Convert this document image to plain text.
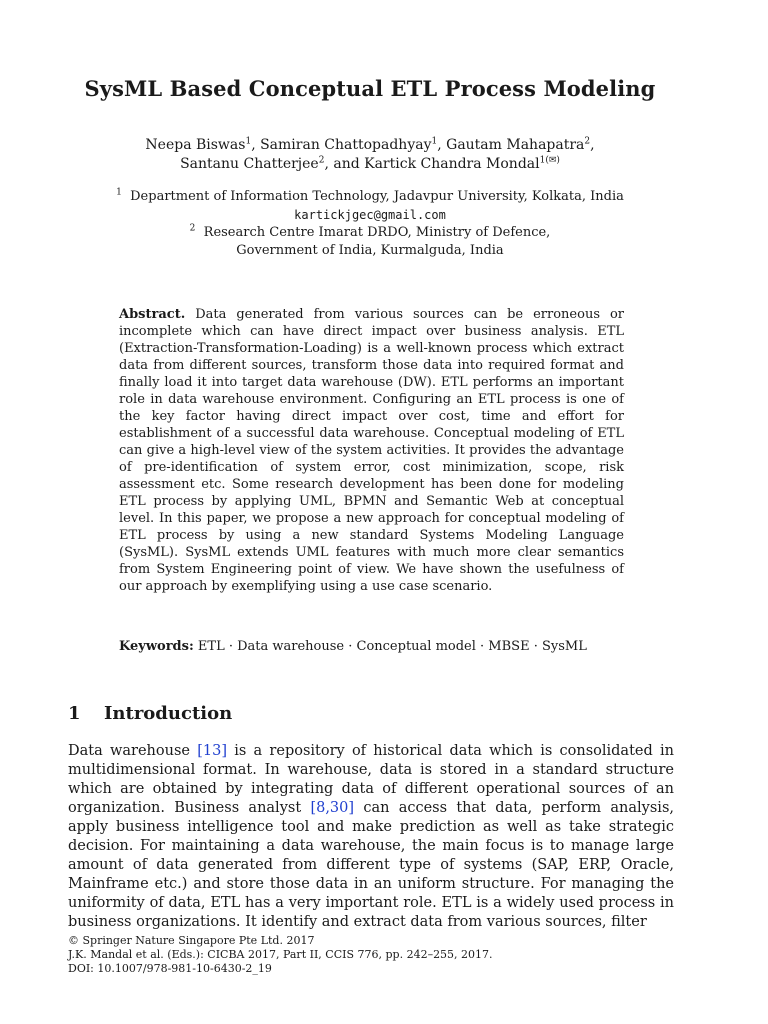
SysML Based Conceptual ETL Process Modeling
Neepa Biswas$^1$, Samiran Chattopadhyay$^1$, Gautam Mahapatra$^2$,
Santanu Chatterjee$^2$, and Kartick Chandra Mondal$^{1(✉)}$
$^1$ Department of Information Technology, Jadavpur University, Kolkata, India
kartickjgec@gmail.com
$^2$ Research Centre Imarat DRDO, Ministry of Defence,
Government of India, Kurmalguda, India
Abstract. Data generated from various sources can be erroneous or incomplete which can have direct impact over business analysis. ETL (Extraction-Transformation-Loading) is a well-known process which extract data from different sources, transform those data into required format and finally load it into target data warehouse (DW). ETL performs an important role in data warehouse environment. Configuring an ETL process is one of the key factor having direct impact over cost, time and effort for establishment of a successful data warehouse. Conceptual modeling of ETL can give a high-level view of the system activities. It provides the advantage of pre-identification of system error, cost minimization, scope, risk assessment etc. Some research development has been done for modeling ETL process by applying UML, BPMN and Semantic Web at conceptual level. In this paper, we propose a new approach for conceptual modeling of ETL process by using a new standard Systems Modeling Language (SysML). SysML extends UML features with much more clear semantics from System Engineering point of view. We have shown the usefulness of our approach by exemplifying using a use case scenario.
Keywords: ETL · Data warehouse · Conceptual model · MBSE · SysML
1 Introduction
Data warehouse [13] is a repository of historical data which is consolidated in multidimensional format. In warehouse, data is stored in a standard structure which are obtained by integrating data of different operational sources of an organization. Business analyst [8,30] can access that data, perform analysis, apply business intelligence tool and make prediction as well as take strategic decision. For maintaining a data warehouse, the main focus is to manage large amount of data generated from different type of systems (SAP, ERP, Oracle, Mainframe etc.) and store those data in an uniform structure. For managing the uniformity of data, ETL has a very important role. ETL is a widely used process in business organizations. It identify and extract data from various sources, filter
© Springer Nature Singapore Pte Ltd. 2017
J.K. Mandal et al. (Eds.): CICBA 2017, Part II, CCIS 776, pp. 242–255, 2017.
DOI: 10.1007/978-981-10-6430-2_19
